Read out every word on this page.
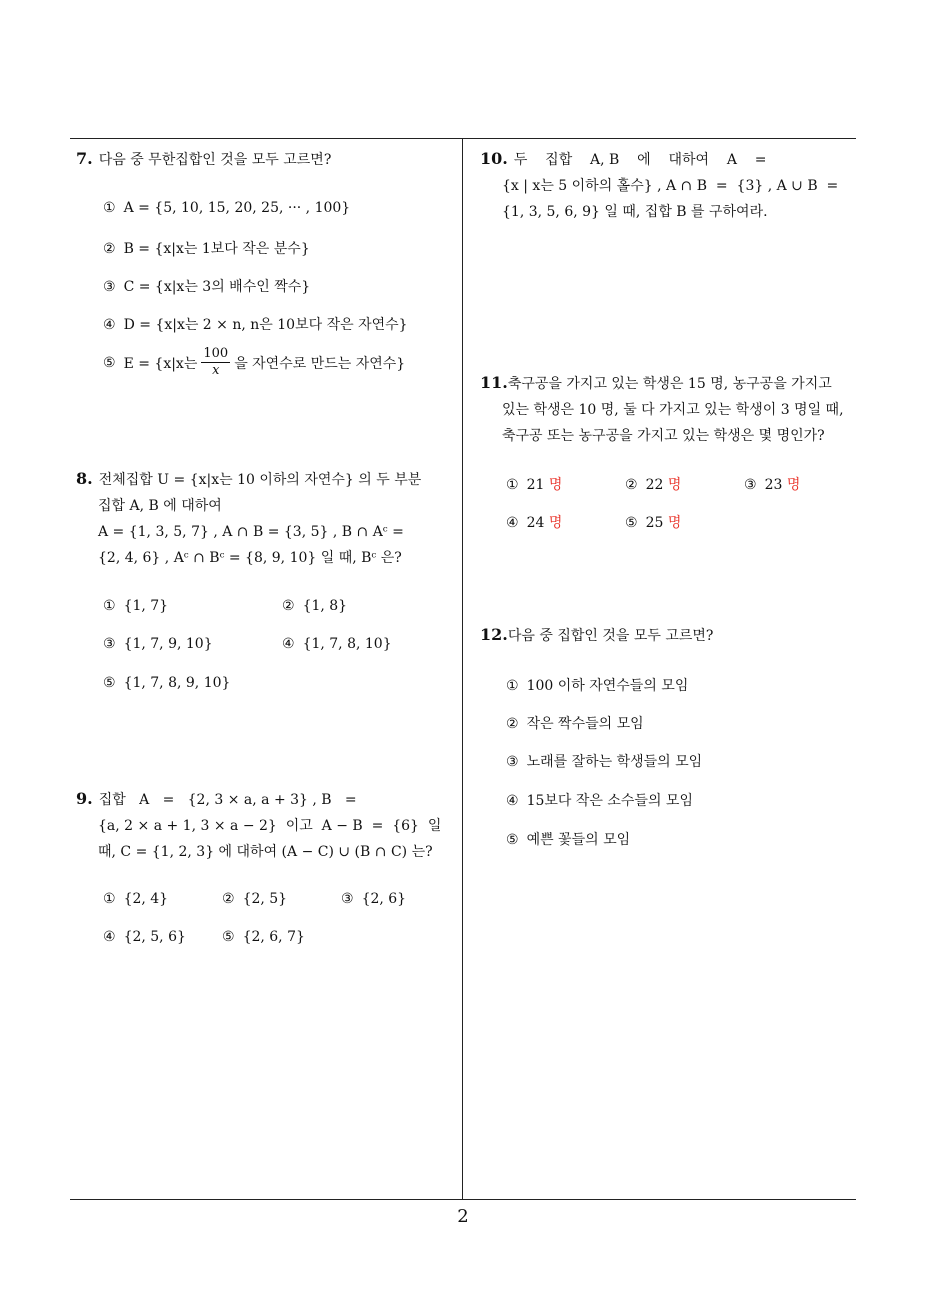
7. 다음 중 무한집합인 것을 모두 고르면?
① A = {5, 10, 15, 20, 25, ··· , 100}
② B = {x|x는 1보다 작은 분수}
③ C = {x|x는 3의 배수인 짝수}
④ D = {x|x는 2 × n, n은 10보다 작은 자연수}
⑤ E = {x|x는 $\frac{100}{x}$ 을 자연수로 만드는 자연수}
8. 전체집합 U = {x|x는 10 이하의 자연수} 의 두 부분
집합 A, B 에 대하여
A = {1, 3, 5, 7} , A ∩ B = {3, 5} , B ∩ Aᶜ =
{2, 4, 6} , Aᶜ ∩ Bᶜ = {8, 9, 10} 일 때, Bᶜ 은?
① {1, 7}	② {1, 8}
③ {1, 7, 9, 10}	④ {1, 7, 8, 10}
⑤ {1, 7, 8, 9, 10}
9. 집합   A   =   {2, 3 × a, a + 3} , B   =
{a, 2 × a + 1, 3 × a − 2}  이고  A − B  =  {6}  일
때, C = {1, 2, 3} 에 대하여 (A − C) ∪ (B ∩ C) 는?
① {2, 4}	② {2, 5}	③ {2, 6}
④ {2, 5, 6}	⑤ {2, 6, 7}
10. 두    집합    A, B    에    대하여    A    =
{x | x는 5 이하의 홀수} , A ∩ B  =  {3} , A ∪ B  =
{1, 3, 5, 6, 9} 일 때, 집합 B 를 구하여라.
11.축구공을 가지고 있는 학생은 15 명, 농구공을 가지고
있는 학생은 10 명, 둘 다 가지고 있는 학생이 3 명일 때,
축구공 또는 농구공을 가지고 있는 학생은 몇 명인가?
① 21 명	② 22 명	③ 23 명
④ 24 명	⑤ 25 명
12.다음 중 집합인 것을 모두 고르면?
① 100 이하 자연수들의 모임
② 작은 짝수들의 모임
③ 노래를 잘하는 학생들의 모임
④ 15보다 작은 소수들의 모임
⑤ 예쁜 꽃들의 모임
2
